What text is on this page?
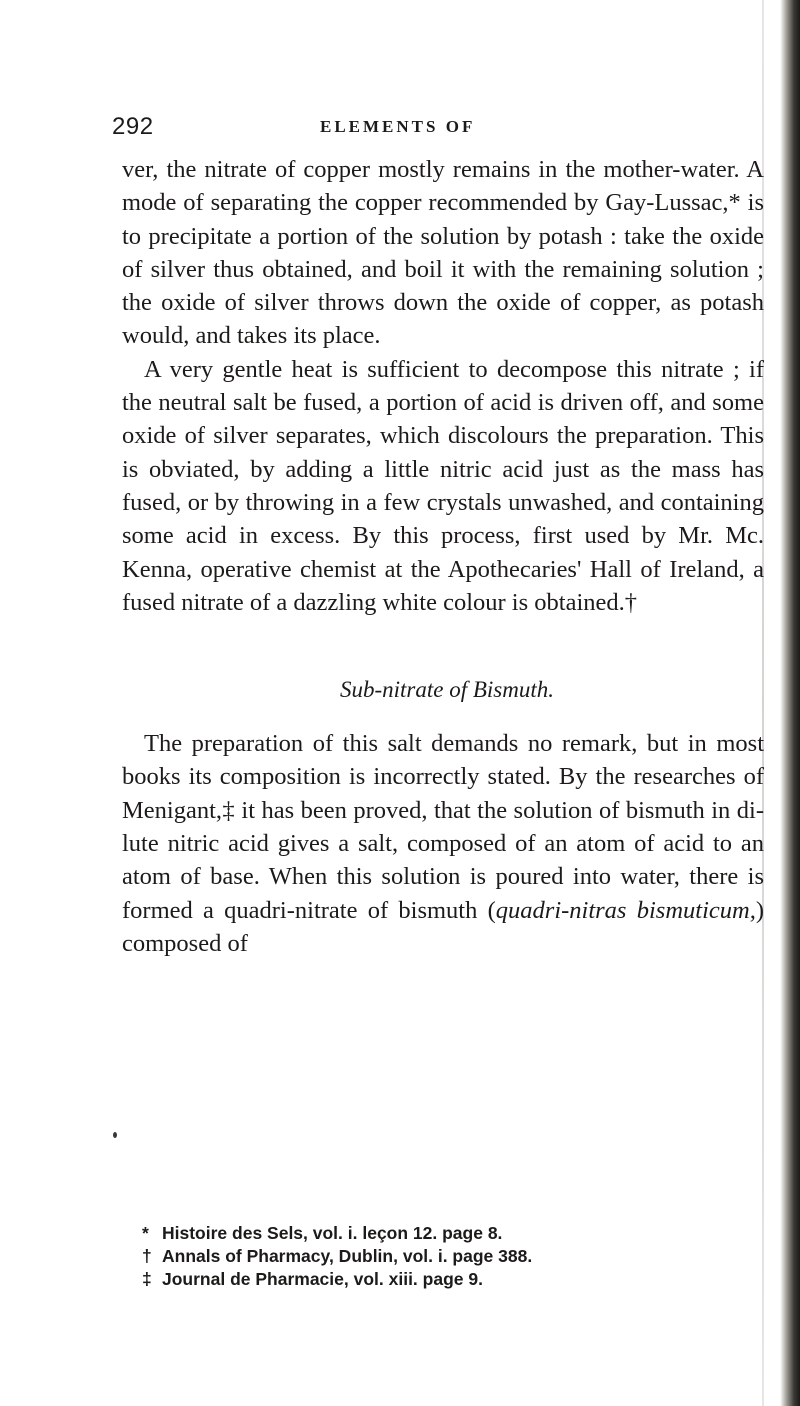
292	ELEMENTS OF

ver, the nitrate of copper mostly remains in the mother-water. A mode of separating the copper recommended by Gay-Lussac,* is to precipitate a portion of the solution by potash : take the oxide of silver thus obtained, and boil it with the remaining solution ; the oxide of silver throws down the oxide of copper, as potash would, and takes its place.

A very gentle heat is sufficient to decompose this nitrate ; if the neutral salt be fused, a portion of acid is driven off, and some oxide of silver separates, which discolours the preparation. This is obviated, by adding a little nitric acid just as the mass has fused, or by throwing in a few crystals unwashed, and containing some acid in excess. By this process, first used by Mr. Mc. Kenna, operative chemist at the Apothecaries' Hall of Ireland, a fused nitrate of a dazzling white colour is obtained.†

Sub-nitrate of Bismuth.

The preparation of this salt demands no remark, but in most books its composition is incorrectly stated. By the researches of Menigant,‡ it has been proved, that the solution of bismuth in dilute nitric acid gives a salt, composed of an atom of acid to an atom of base. When this solution is poured into water, there is formed a quadri-nitrate of bismuth (quadri-nitras bismuticum,) composed of

* Histoire des Sels, vol. i. leçon 12. page 8.

† Annals of Pharmacy, Dublin, vol. i. page 388.

‡ Journal de Pharmacie, vol. xiii. page 9.
